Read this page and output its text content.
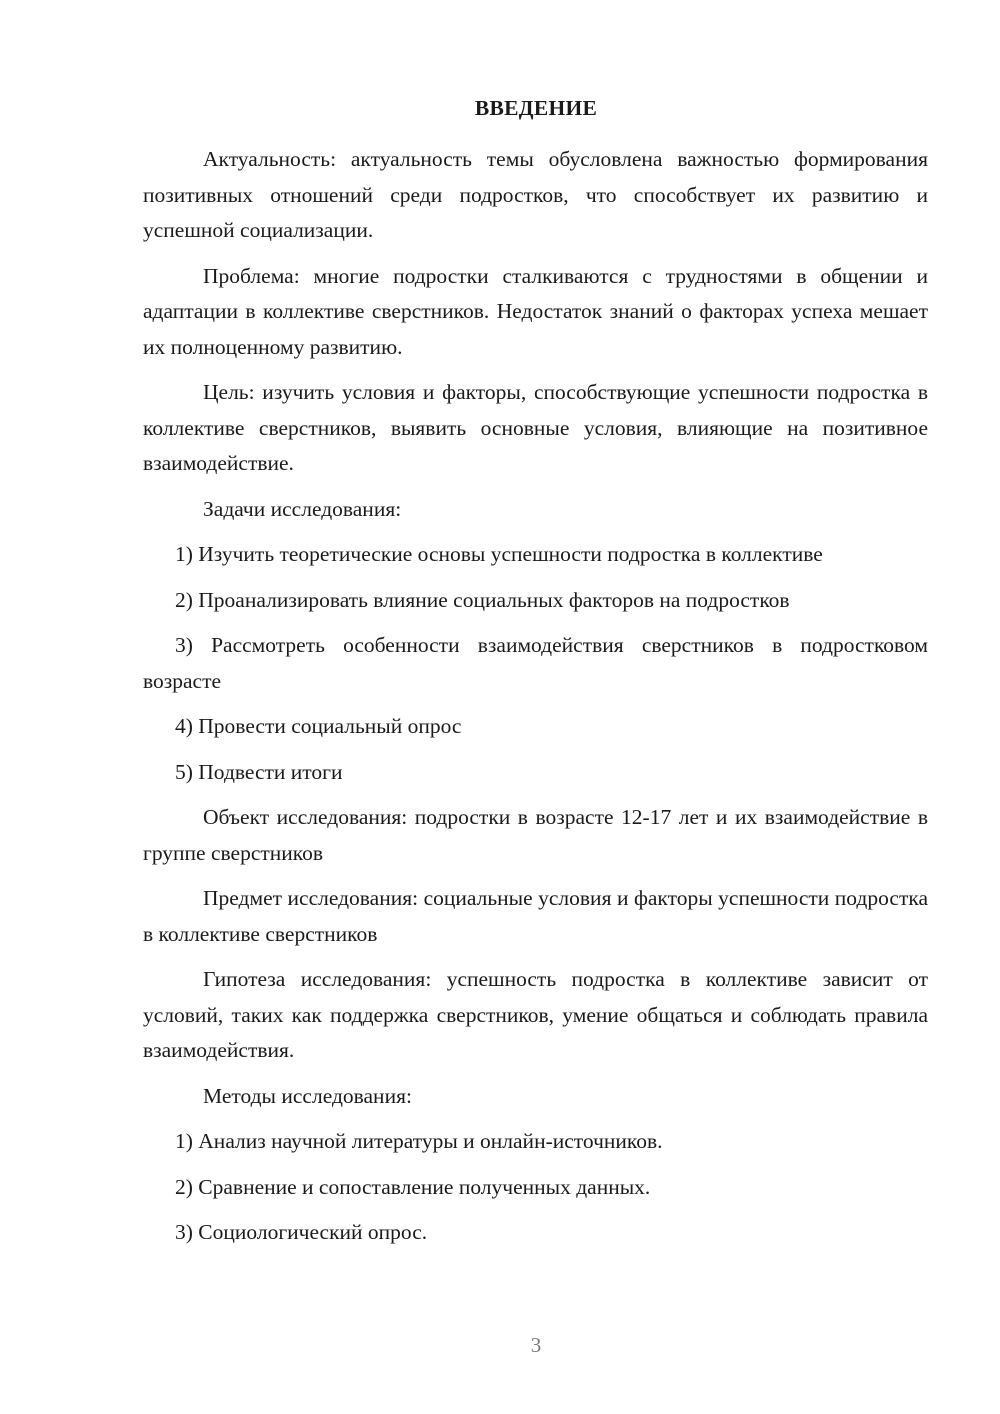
ВВЕДЕНИЕ

Актуальность: актуальность темы обусловлена важностью формирования позитивных отношений среди подростков, что способствует их развитию и успешной социализации.

Проблема: многие подростки сталкиваются с трудностями в общении и адаптации в коллективе сверстников. Недостаток знаний о факторах успеха мешает их полноценному развитию.

Цель: изучить условия и факторы, способствующие успешности подростка в коллективе сверстников, выявить основные условия, влияющие на позитивное взаимодействие.

Задачи исследования:

1) Изучить теоретические основы успешности подростка в коллективе

2) Проанализировать влияние социальных факторов на подростков

3) Рассмотреть особенности взаимодействия сверстников в подростковом возрасте

4) Провести социальный опрос

5) Подвести итоги

Объект исследования: подростки в возрасте 12-17 лет и их взаимодействие в группе сверстников

Предмет исследования: социальные условия и факторы успешности подростка в коллективе сверстников

Гипотеза исследования: успешность подростка в коллективе зависит от условий, таких как поддержка сверстников, умение общаться и соблюдать правила взаимодействия.

Методы исследования:

1) Анализ научной литературы и онлайн-источников.

2) Сравнение и сопоставление полученных данных.

3) Социологический опрос.

3
